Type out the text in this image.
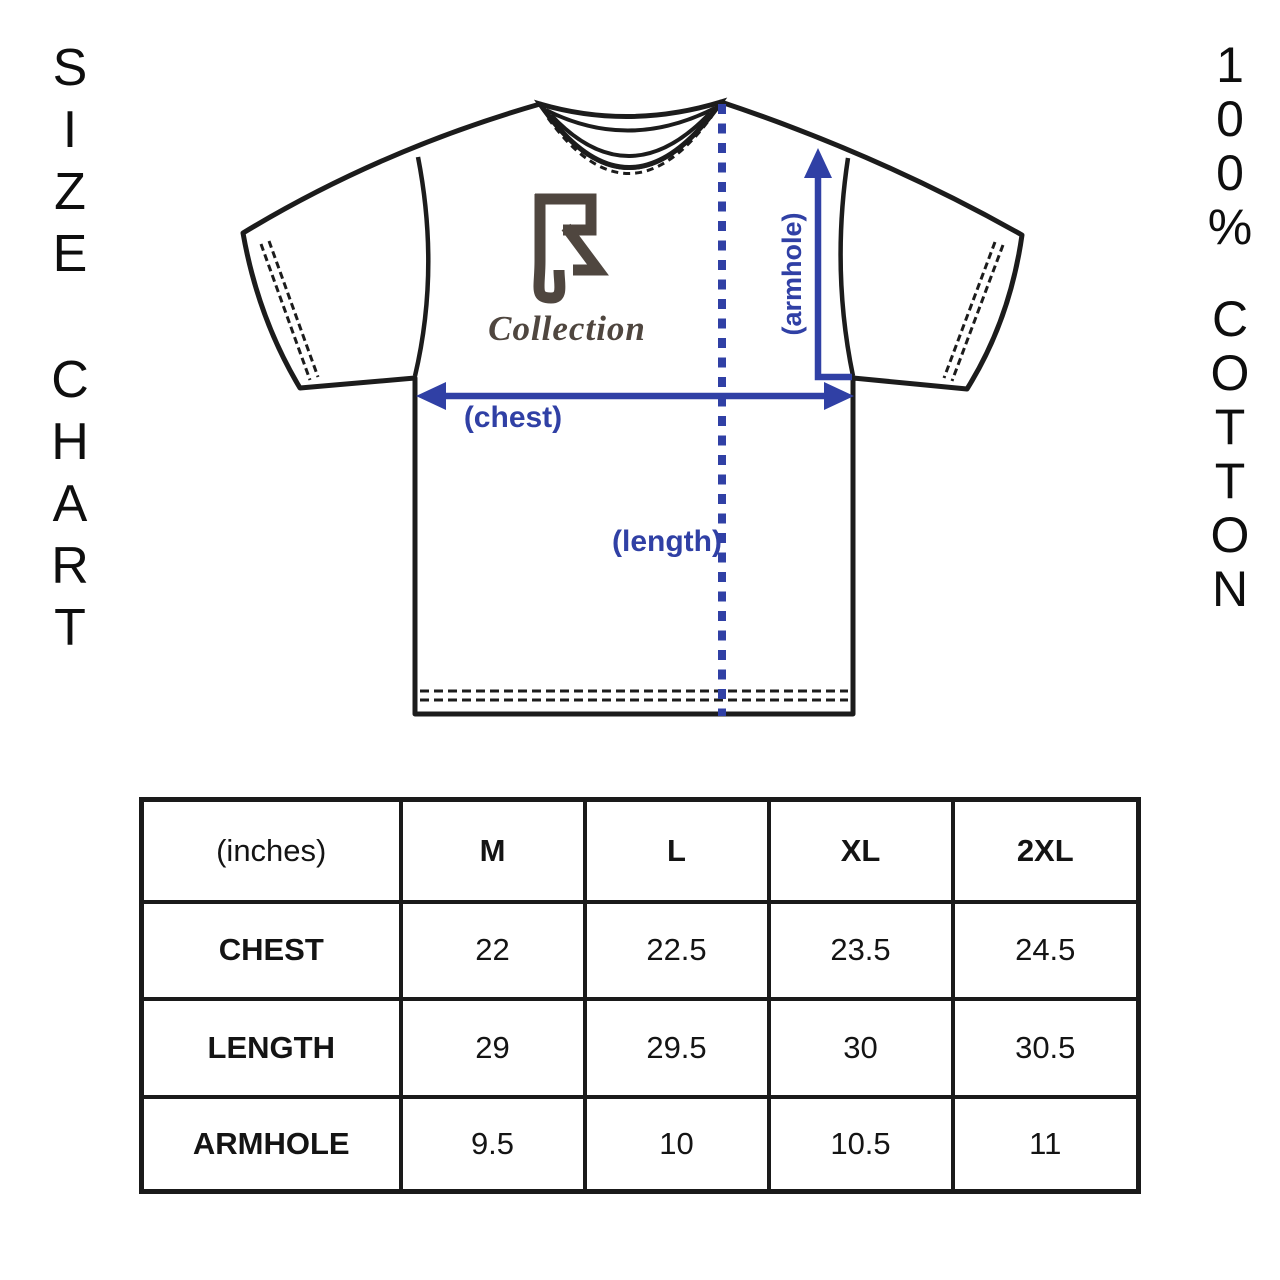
S
I
Z
E
C
H
A
R
T
1
0
0
%
C
O
T
T
O
N
Collection
(chest)
(length)
(armhole)
(inches)	M	L	XL	2XL
CHEST	22	22.5	23.5	24.5
LENGTH	29	29.5	30	30.5
ARMHOLE	9.5	10	10.5	11
